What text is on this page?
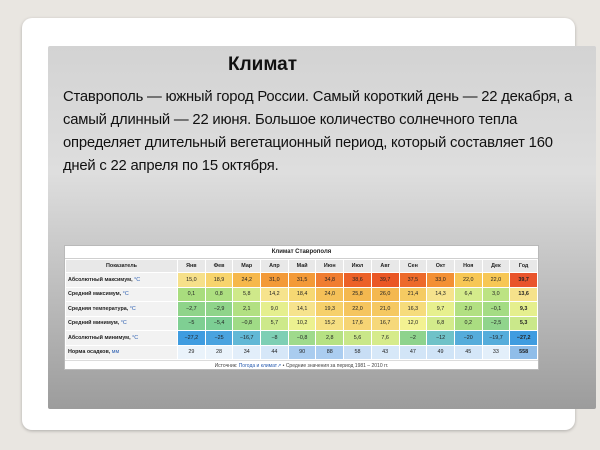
Климат
Ставрополь — южный город России. Самый короткий день — 22 декабря, а самый длинный — 22 июня. Большое количество солнечного тепла определяет длительный вегетационный период, который составляет 160 дней с 22 апреля по 15 октября.
Климат Ставрополя
Показатель	Янв	Фев	Мар	Апр	Май	Июн	Июл	Авг	Сен	Окт	Ноя	Дек	Год
Абсолютный максимум, °C	15,0	18,9	24,2	31,0	31,5	34,8	38,6	39,7	37,5	33,0	22,0	22,0	39,7
Средний максимум, °C	0,1	0,8	5,8	14,2	18,4	24,0	25,8	26,0	21,4	14,3	6,4	3,0	13,6
Средняя температура, °C	−2,7	−2,9	2,1	9,0	14,1	19,3	22,0	21,0	16,3	9,7	2,0	−0,1	9,3
Средний минимум, °C	−5	−5,4	−0,8	5,7	10,2	15,2	17,6	16,7	12,0	6,8	0,2	−2,5	5,3
Абсолютный минимум, °C	−27,2	−25	−16,7	−8	−0,8	2,8	5,6	7,6	−2	−12	−20	−19,7	−27,2
Норма осадков, мм	29	28	34	44	90	88	58	43	47	49	45	33	558
Источник: Погода и климат↗ • Средние значения за период 1981 – 2010 гг.
